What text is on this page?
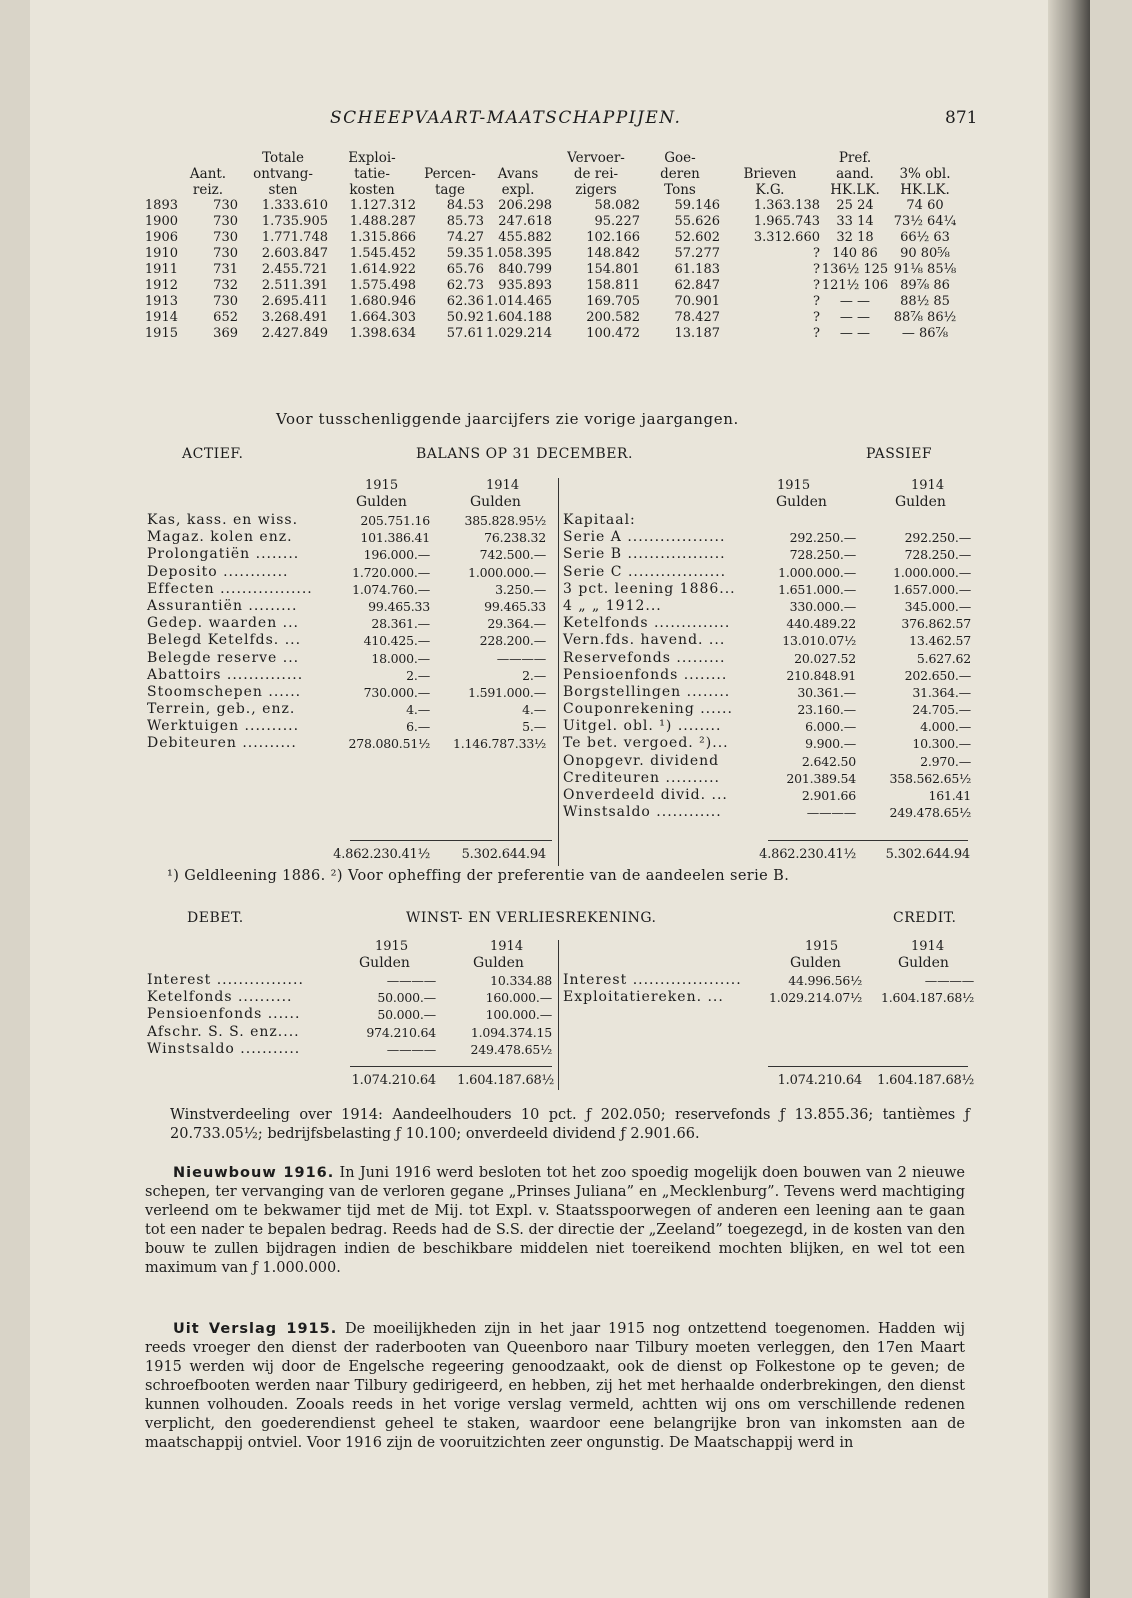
SCHEEPVAART-MAATSCHAPPIJEN.	871
		Totale	Exploi-			Vervoer-	Goe-		Pref.	
	Aant.	ontvang-	tatie-	Percen-	Avans	de rei-	deren	Brieven	aand.	3% obl.
	reiz.	sten	kosten	tage	expl.	zigers	Tons	K.G.	HK.LK.	HK.LK.
1893	730	1.333.610	1.127.312	84.53	206.298	58.082	59.146	1.363.138	25 24	74 60
1900	730	1.735.905	1.488.287	85.73	247.618	95.227	55.626	1.965.743	33 14	73½ 64¼
1906	730	1.771.748	1.315.866	74.27	455.882	102.166	52.602	3.312.660	32 18	66½ 63
1910	730	2.603.847	1.545.452	59.35	1.058.395	148.842	57.277	?	140 86	90 80⅝
1911	731	2.455.721	1.614.922	65.76	840.799	154.801	61.183	?	136½ 125	91⅛ 85⅛
1912	732	2.511.391	1.575.498	62.73	935.893	158.811	62.847	?	121½ 106	89⅞ 86
1913	730	2.695.411	1.680.946	62.36	1.014.465	169.705	70.901	?	— —	88½ 85
1914	652	3.268.491	1.664.303	50.92	1.604.188	200.582	78.427	?	— —	88⅞ 86½
1915	369	2.427.849	1.398.634	57.61	1.029.214	100.472	13.187	?	— —	— 86⅞
Voor tusschenliggende jaarcijfers zie vorige jaargangen.
ACTIEF.	BALANS OP 31 DECEMBER.	PASSIEF
1915	1914
Gulden	Gulden
1915	1914
Gulden	Gulden
Kas, kass. en wiss.	205.751.16	385.828.95½
Magaz. kolen enz.	101.386.41	76.238.32
Prolongatiën ........	196.000.—	742.500.—
Deposito ............	1.720.000.—	1.000.000.—
Effecten .................	1.074.760.—	3.250.—
Assurantiën .........	99.465.33	99.465.33
Gedep. waarden ...	28.361.—	29.364.—
Belegd Ketelfds. ...	410.425.—	228.200.—
Belegde reserve ...	18.000.—	————
Abattoirs ..............	2.—	2.—
Stoomschepen ......	730.000.—	1.591.000.—
Terrein, geb., enz.	4.—	4.—
Werktuigen ..........	6.—	5.—
Debiteuren ..........	278.080.51½	1.146.787.33½
Kapitaal:
Serie A ..................	292.250.—	292.250.—
Serie B ..................	728.250.—	728.250.—
Serie C ..................	1.000.000.—	1.000.000.—
3 pct. leening 1886...	1.651.000.—	1.657.000.—
4 „ „ 1912...	330.000.—	345.000.—
Ketelfonds ..............	440.489.22	376.862.57
Vern.fds. havend. ...	13.010.07½	13.462.57
Reservefonds .........	20.027.52	5.627.62
Pensioenfonds ........	210.848.91	202.650.—
Borgstellingen ........	30.361.—	31.364.—
Couponrekening ......	23.160.—	24.705.—
Uitgel. obl. ¹) ........	6.000.—	4.000.—
Te bet. vergoed. ²)...	9.900.—	10.300.—
Onopgevr. dividend	2.642.50	2.970.—
Crediteuren ..........	201.389.54	358.562.65½
Onverdeeld divid. ...	2.901.66	161.41
Winstsaldo ............	————	249.478.65½
4.862.230.41½	5.302.644.94	4.862.230.41½	5.302.644.94
¹) Geldleening 1886. ²) Voor opheffing der preferentie van de aandeelen serie B.
DEBET.	WINST- EN VERLIESREKENING.	CREDIT.
1915	1914
Gulden	Gulden
1915	1914
Gulden	Gulden
Interest ................	————	10.334.88
Ketelfonds ..........	50.000.—	160.000.—
Pensioenfonds ......	50.000.—	100.000.—
Afschr. S. S. enz....	974.210.64	1.094.374.15
Winstsaldo ...........	————	249.478.65½
Interest ....................	44.996.56½	————
Exploitatiereken. ...	1.029.214.07½	1.604.187.68½
1.074.210.64	1.604.187.68½	1.074.210.64	1.604.187.68½
Winstverdeeling over 1914: Aandeelhouders 10 pct. ƒ 202.050; reservefonds ƒ 13.855.36; tantièmes ƒ 20.733.05½; bedrijfsbelasting ƒ 10.100; onverdeeld dividend ƒ 2.901.66.
Nieuwbouw 1916. In Juni 1916 werd besloten tot het zoo spoedig mogelijk doen bouwen van 2 nieuwe schepen, ter vervanging van de verloren gegane „Prinses Juliana” en „Mecklenburg”. Tevens werd machtiging verleend om te bekwamer tijd met de Mij. tot Expl. v. Staatsspoorwegen of anderen een leening aan te gaan tot een nader te bepalen bedrag. Reeds had de S.S. der directie der „Zeeland” toegezegd, in de kosten van den bouw te zullen bijdragen indien de beschikbare middelen niet toereikend mochten blijken, en wel tot een maximum van ƒ 1.000.000.
Uit Verslag 1915. De moeilijkheden zijn in het jaar 1915 nog ontzettend toegenomen. Hadden wij reeds vroeger den dienst der raderbooten van Queenboro naar Tilbury moeten verleggen, den 17en Maart 1915 werden wij door de Engelsche regeering genoodzaakt, ook de dienst op Folkestone op te geven; de schroefbooten werden naar Tilbury gedirigeerd, en hebben, zij het met herhaalde onderbrekingen, den dienst kunnen volhouden. Zooals reeds in het vorige verslag vermeld, achtten wij ons om verschillende redenen verplicht, den goederendienst geheel te staken, waardoor eene belangrijke bron van inkomsten aan de maatschappij ontviel. Voor 1916 zijn de vooruitzichten zeer ongunstig. De Maatschappij werd in
